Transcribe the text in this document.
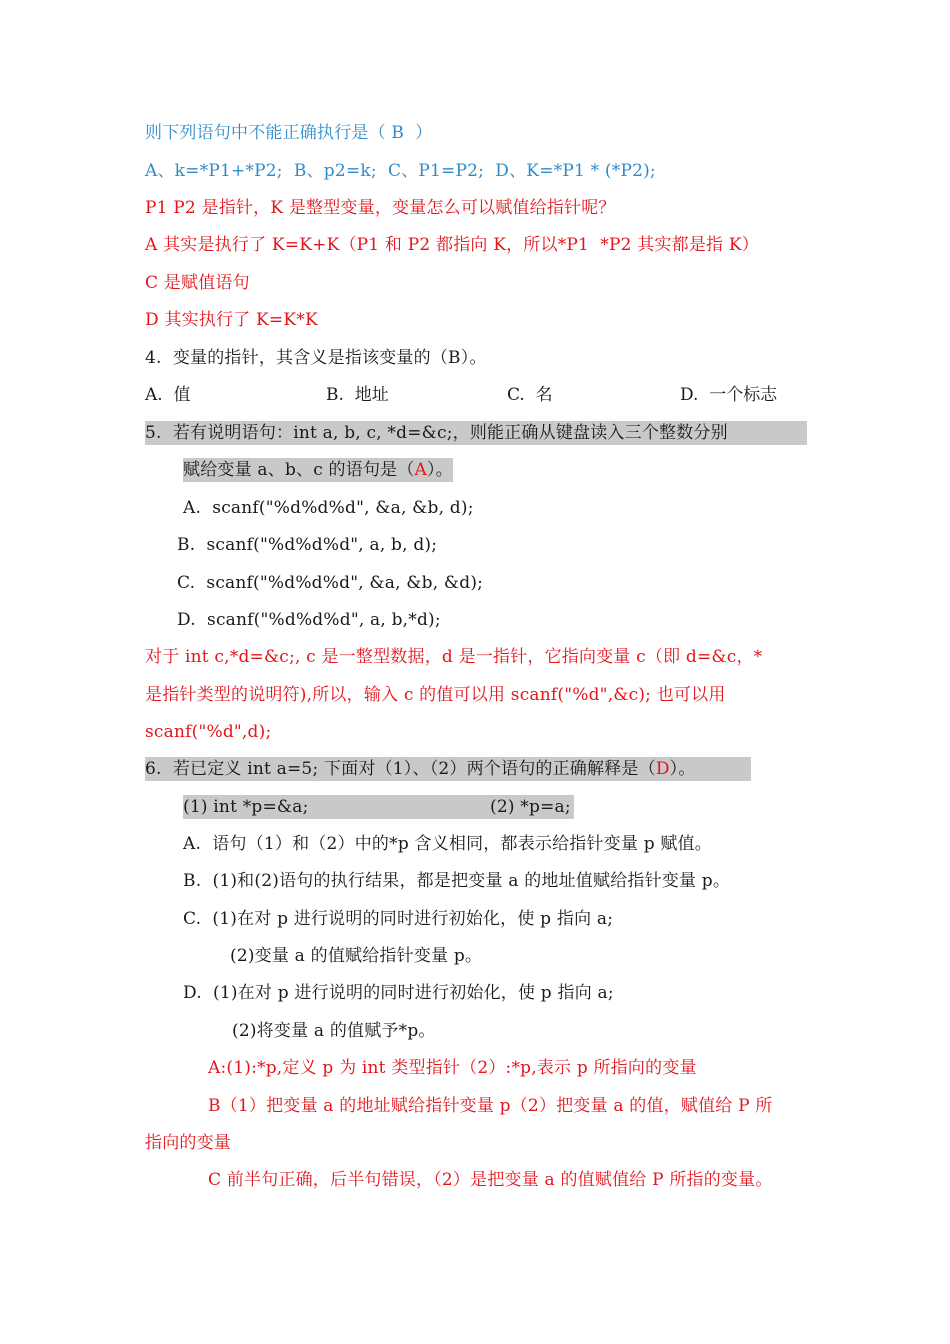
则下列语句中不能正确执行是（ B  ）
A、k=*P1+*P2;  B、p2=k;  C、P1=P2;  D、K=*P1 * (*P2);
P1 P2 是指针，K 是整型变量，变量怎么可以赋值给指针呢？
A 其实是执行了 K=K+K（P1 和 P2 都指向 K，所以*P1  *P2 其实都是指 K）
C 是赋值语句
D 其实执行了 K=K*K
4.  变量的指针，其含义是指该变量的（B）。
A.  值	B.  地址	C.  名	D.  一个标志
5.  若有说明语句：int a, b, c, *d=&c;，则能正确从键盘读入三个整数分别
赋给变量 a、b、c 的语句是（A）。
A.  scanf("%d%d%d", &a, &b, d);
B.  scanf("%d%d%d", a, b, d);
C.  scanf("%d%d%d", &a, &b, &d);
D.  scanf("%d%d%d", a, b,*d);
对于 int c,*d=&c;, c 是一整型数据，d 是一指针，它指向变量 c（即 d=&c，*
是指针类型的说明符),所以，输入 c 的值可以用 scanf("%d",&c); 也可以用
scanf("%d",d);
6.  若已定义 int a=5; 下面对（1）、（2）两个语句的正确解释是（D）。
(1) int *p=&a;	(2) *p=a;
A.  语句（1）和（2）中的*p 含义相同，都表示给指针变量 p 赋值。
B.  (1)和(2)语句的执行结果，都是把变量 a 的地址值赋给指针变量 p。
C.  (1)在对 p 进行说明的同时进行初始化，使 p 指向 a;
(2)变量 a 的值赋给指针变量 p。
D.  (1)在对 p 进行说明的同时进行初始化，使 p 指向 a;
(2)将变量 a 的值赋予*p。
A:(1):*p,定义 p 为 int 类型指针（2）:*p,表示 p 所指向的变量
B（1）把变量 a 的地址赋给指针变量 p（2）把变量 a 的值，赋值给 P 所
指向的变量
C 前半句正确，后半句错误，（2）是把变量 a 的值赋值给 P 所指的变量。
